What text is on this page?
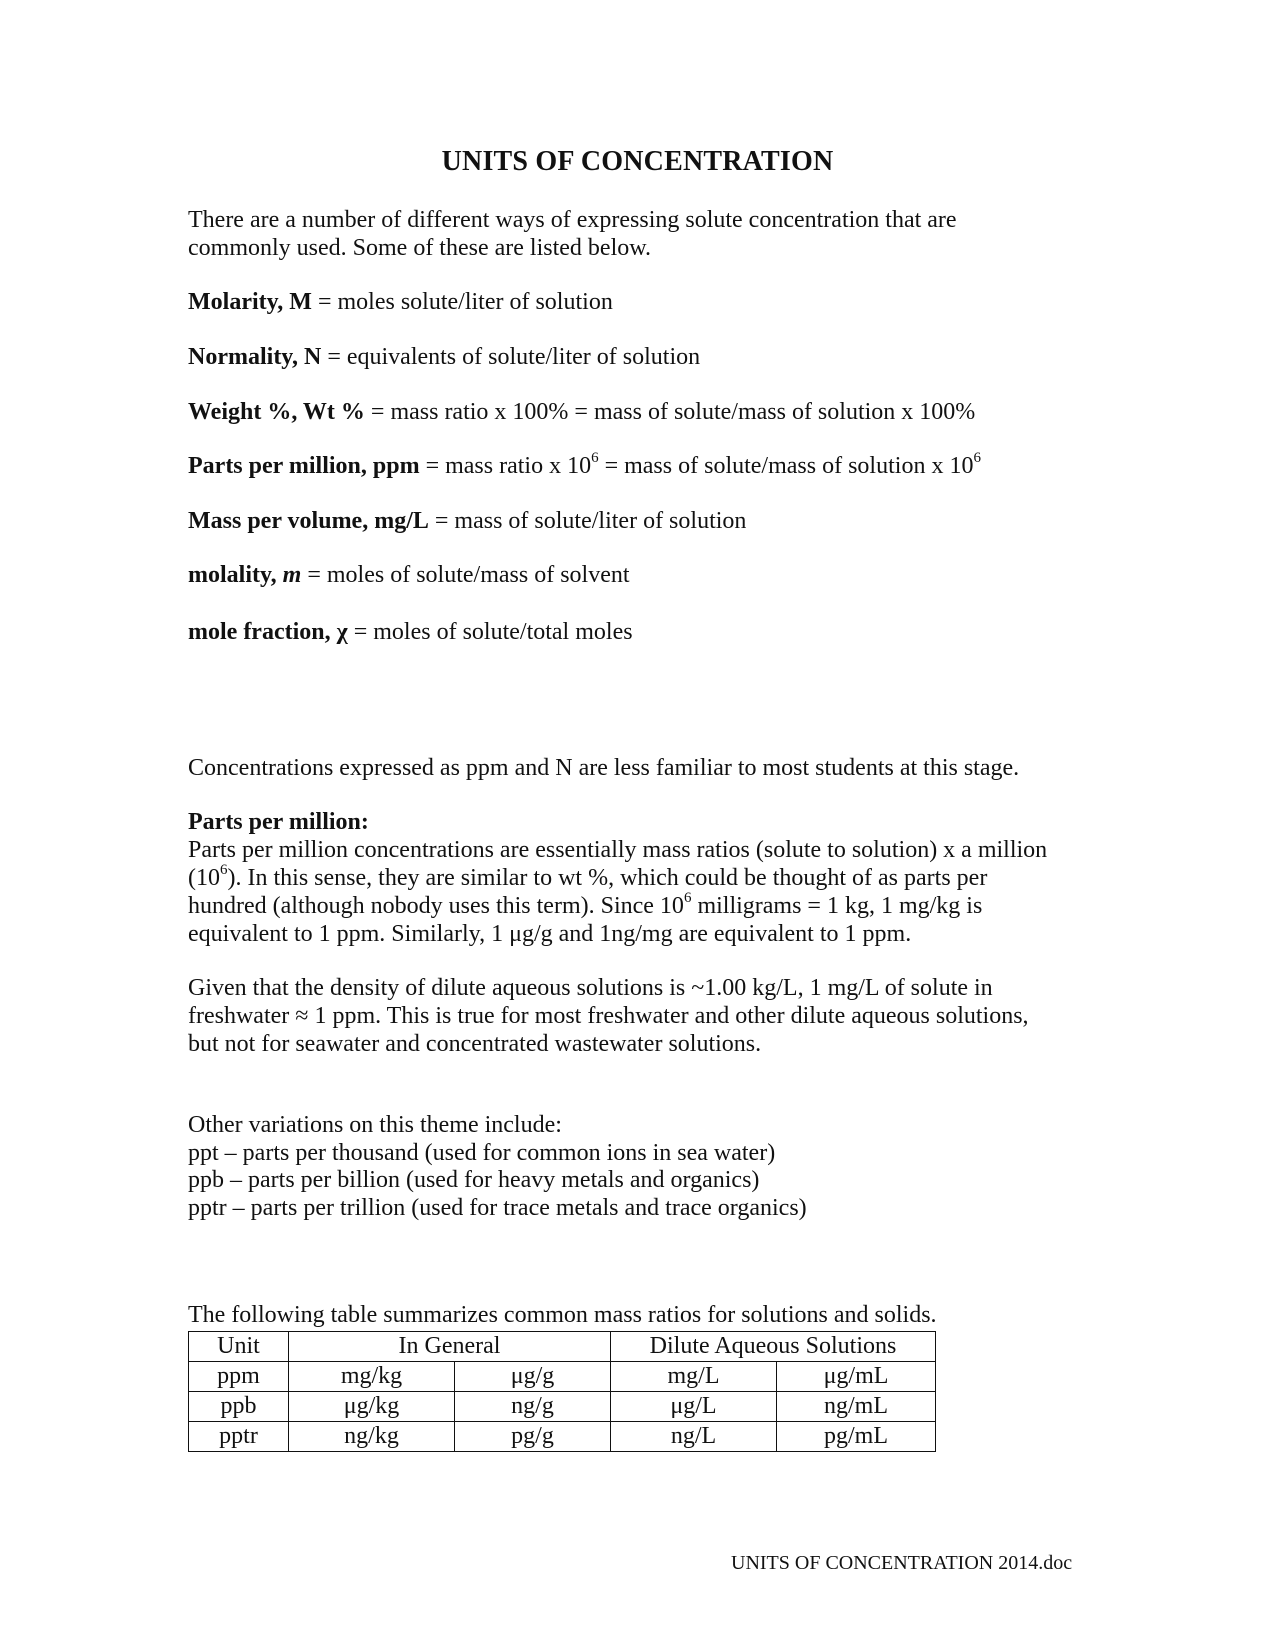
UNITS OF CONCENTRATION
There are a number of different ways of expressing solute concentration that are
commonly used. Some of these are listed below.
Molarity, M = moles solute/liter of solution
Normality, N = equivalents of solute/liter of solution
Weight %, Wt % = mass ratio x 100% = mass of solute/mass of solution x 100%
Parts per million, ppm = mass ratio x $10^6$ = mass of solute/mass of solution x $10^6$
Mass per volume, mg/L = mass of solute/liter of solution
molality, m = moles of solute/mass of solvent
mole fraction, χ = moles of solute/total moles
Concentrations expressed as ppm and N are less familiar to most students at this stage.
Parts per million:
Parts per million concentrations are essentially mass ratios (solute to solution) x a million
$(10^6)$. In this sense, they are similar to wt %, which could be thought of as parts per
hundred (although nobody uses this term). Since $10^6$ milligrams = 1 kg, 1 mg/kg is
equivalent to 1 ppm. Similarly, 1 μg/g and 1ng/mg are equivalent to 1 ppm.
Given that the density of dilute aqueous solutions is ~1.00 kg/L, 1 mg/L of solute in
freshwater ≈ 1 ppm. This is true for most freshwater and other dilute aqueous solutions,
but not for seawater and concentrated wastewater solutions.
Other variations on this theme include:
ppt – parts per thousand (used for common ions in sea water)
ppb – parts per billion (used for heavy metals and organics)
pptr – parts per trillion (used for trace metals and trace organics)
The following table summarizes common mass ratios for solutions and solids.
Unit	In General		Dilute Aqueous Solutions	
ppm	mg/kg	μg/g	mg/L	μg/mL
ppb	μg/kg	ng/g	μg/L	ng/mL
pptr	ng/kg	pg/g	ng/L	pg/mL
UNITS OF CONCENTRATION 2014.doc
